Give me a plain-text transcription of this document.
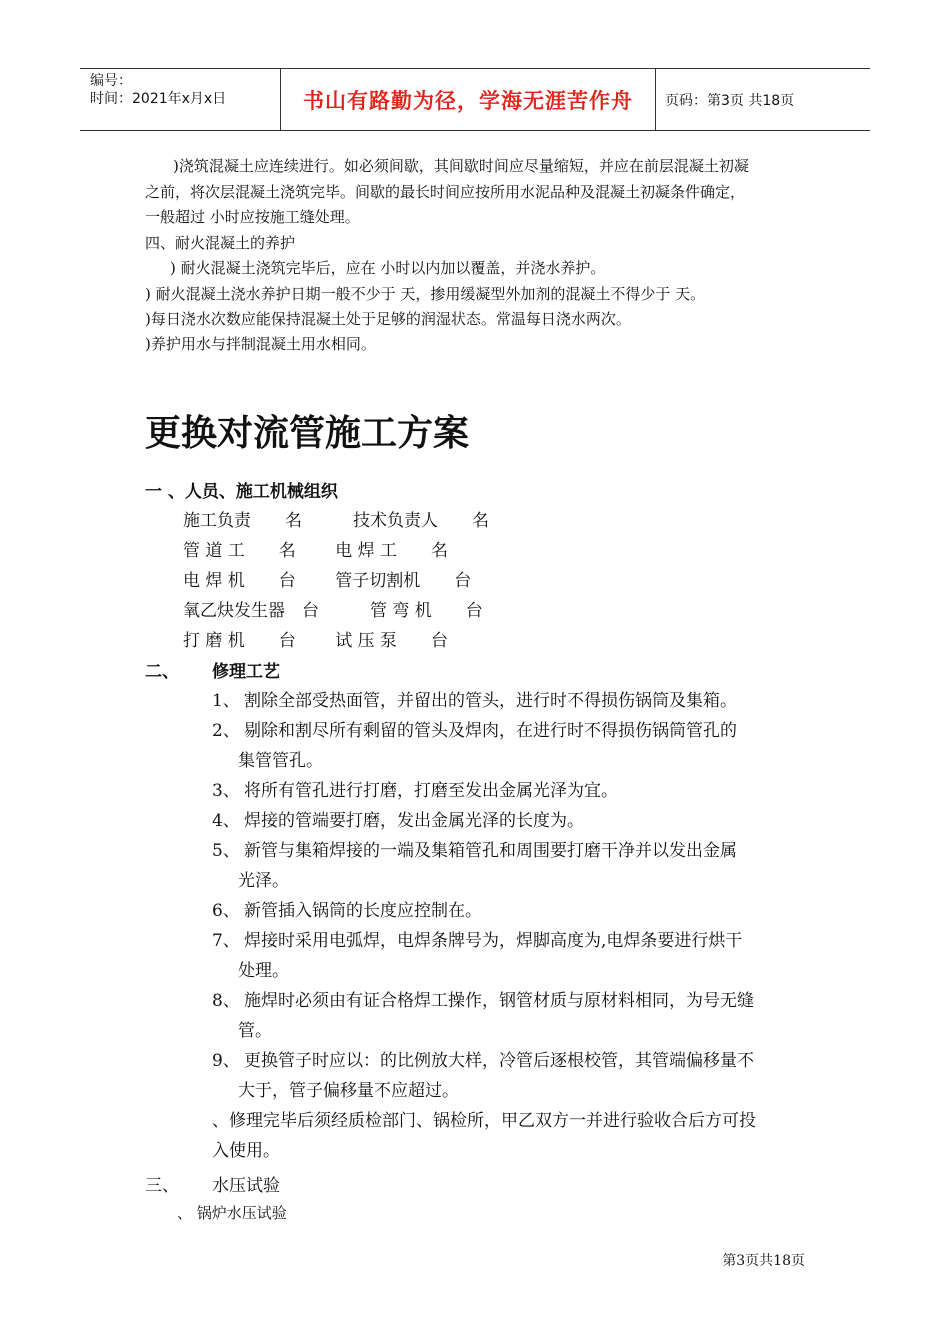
编号：
时间：2021年x月x日	书山有路勤为径，学海无涯苦作舟 页码：第3页 共18页
)浇筑混凝土应连续进行。如必须间歇，其间歇时间应尽量缩短，并应在前层混凝土初凝
之前，将次层混凝土浇筑完毕。间歇的最长时间应按所用水泥品种及混凝土初凝条件确定，
一般超过 小时应按施工缝处理。
四、耐火混凝土的养护
) 耐火混凝土浇筑完毕后，应在 小时以内加以覆盖，并浇水养护。
) 耐火混凝土浇水养护日期一般不少于 天，掺用缓凝型外加剂的混凝土不得少于 天。
)每日浇水次数应能保持混凝土处于足够的润湿状态。常温每日浇水两次。
)养护用水与拌制混凝土用水相同。
更换对流管施工方案
一 、人员、施工机械组织
施工负责　　名　　　技术负责人　　名
管 道 工　　名　　 电 焊 工　　名
电 焊 机　　台　　 管子切割机　　台
氧乙炔发生器　台　　　管 弯 机　　台
打 磨 机　　台　　 试 压 泵　　台
二、 修理工艺
1、 割除全部受热面管，并留出的管头，进行时不得损伤锅筒及集箱。
2、 剔除和割尽所有剩留的管头及焊肉，在进行时不得损伤锅筒管孔的
集管管孔。
3、 将所有管孔进行打磨，打磨至发出金属光泽为宜。
4、 焊接的管端要打磨，发出金属光泽的长度为。
5、 新管与集箱焊接的一端及集箱管孔和周围要打磨干净并以发出金属
光泽。
6、 新管插入锅筒的长度应控制在。
7、 焊接时采用电弧焊，电焊条牌号为，焊脚高度为,电焊条要进行烘干
处理。
8、 施焊时必须由有证合格焊工操作，钢管材质与原材料相同，为号无缝
管。
9、 更换管子时应以：的比例放大样，冷管后逐根校管，其管端偏移量不
大于，管子偏移量不应超过。
、修理完毕后须经质检部门、锅检所，甲乙双方一并进行验收合后方可投
入使用。
三、 水压试验
、 锅炉水压试验
第3页共18页
